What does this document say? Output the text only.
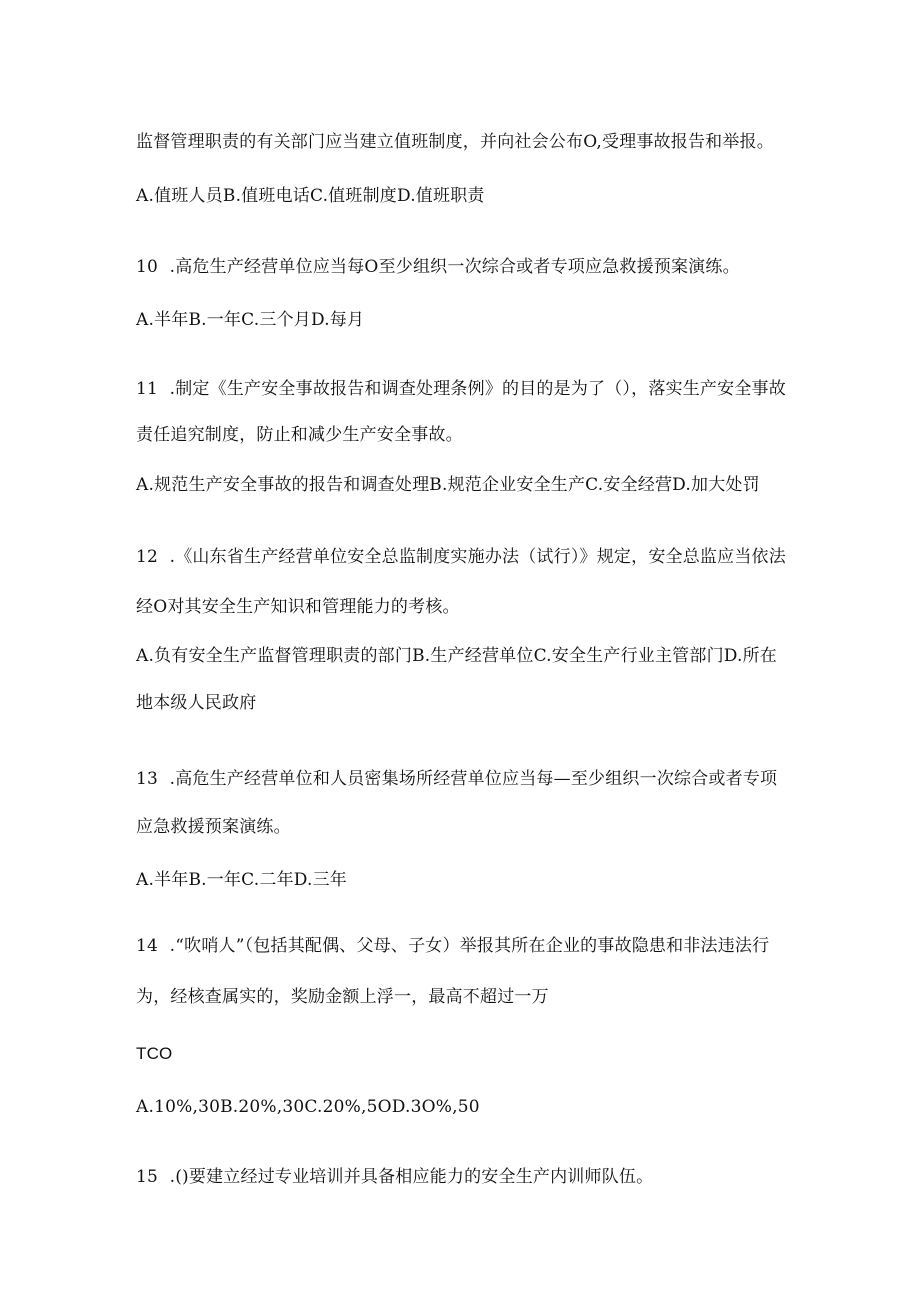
监督管理职责的有关部门应当建立值班制度，并向社会公布O,受理事故报告和举报。

A.值班人员B.值班电话C.值班制度D.值班职责

10	.高危生产经营单位应当每O至少组织一次综合或者专项应急救援预案演练。

A.半年B.一年C.三个月D.每月

11	.制定《生产安全事故报告和调查处理条例》的目的是为了（），落实生产安全事故

责任追究制度，防止和减少生产安全事故。

A.规范生产安全事故的报告和调查处理B.规范企业安全生产C.安全经营D.加大处罚

12	.《山东省生产经营单位安全总监制度实施办法（试行）》规定，安全总监应当依法

经O对其安全生产知识和管理能力的考核。

A.负有安全生产监督管理职责的部门B.生产经营单位C.安全生产行业主管部门D.所在

地本级人民政府

13	.高危生产经营单位和人员密集场所经营单位应当每—至少组织一次综合或者专项

应急救援预案演练。

A.半年B.一年C.二年D.三年

14	.“吹哨人”（包括其配偶、父母、子女）举报其所在企业的事故隐患和非法违法行

为，经核查属实的，奖励金额上浮一，最高不超过一万

TCO

A.10%,30B.20%,30C.20%,5OD.3O%,50

15	.()要建立经过专业培训并具备相应能力的安全生产内训师队伍。
